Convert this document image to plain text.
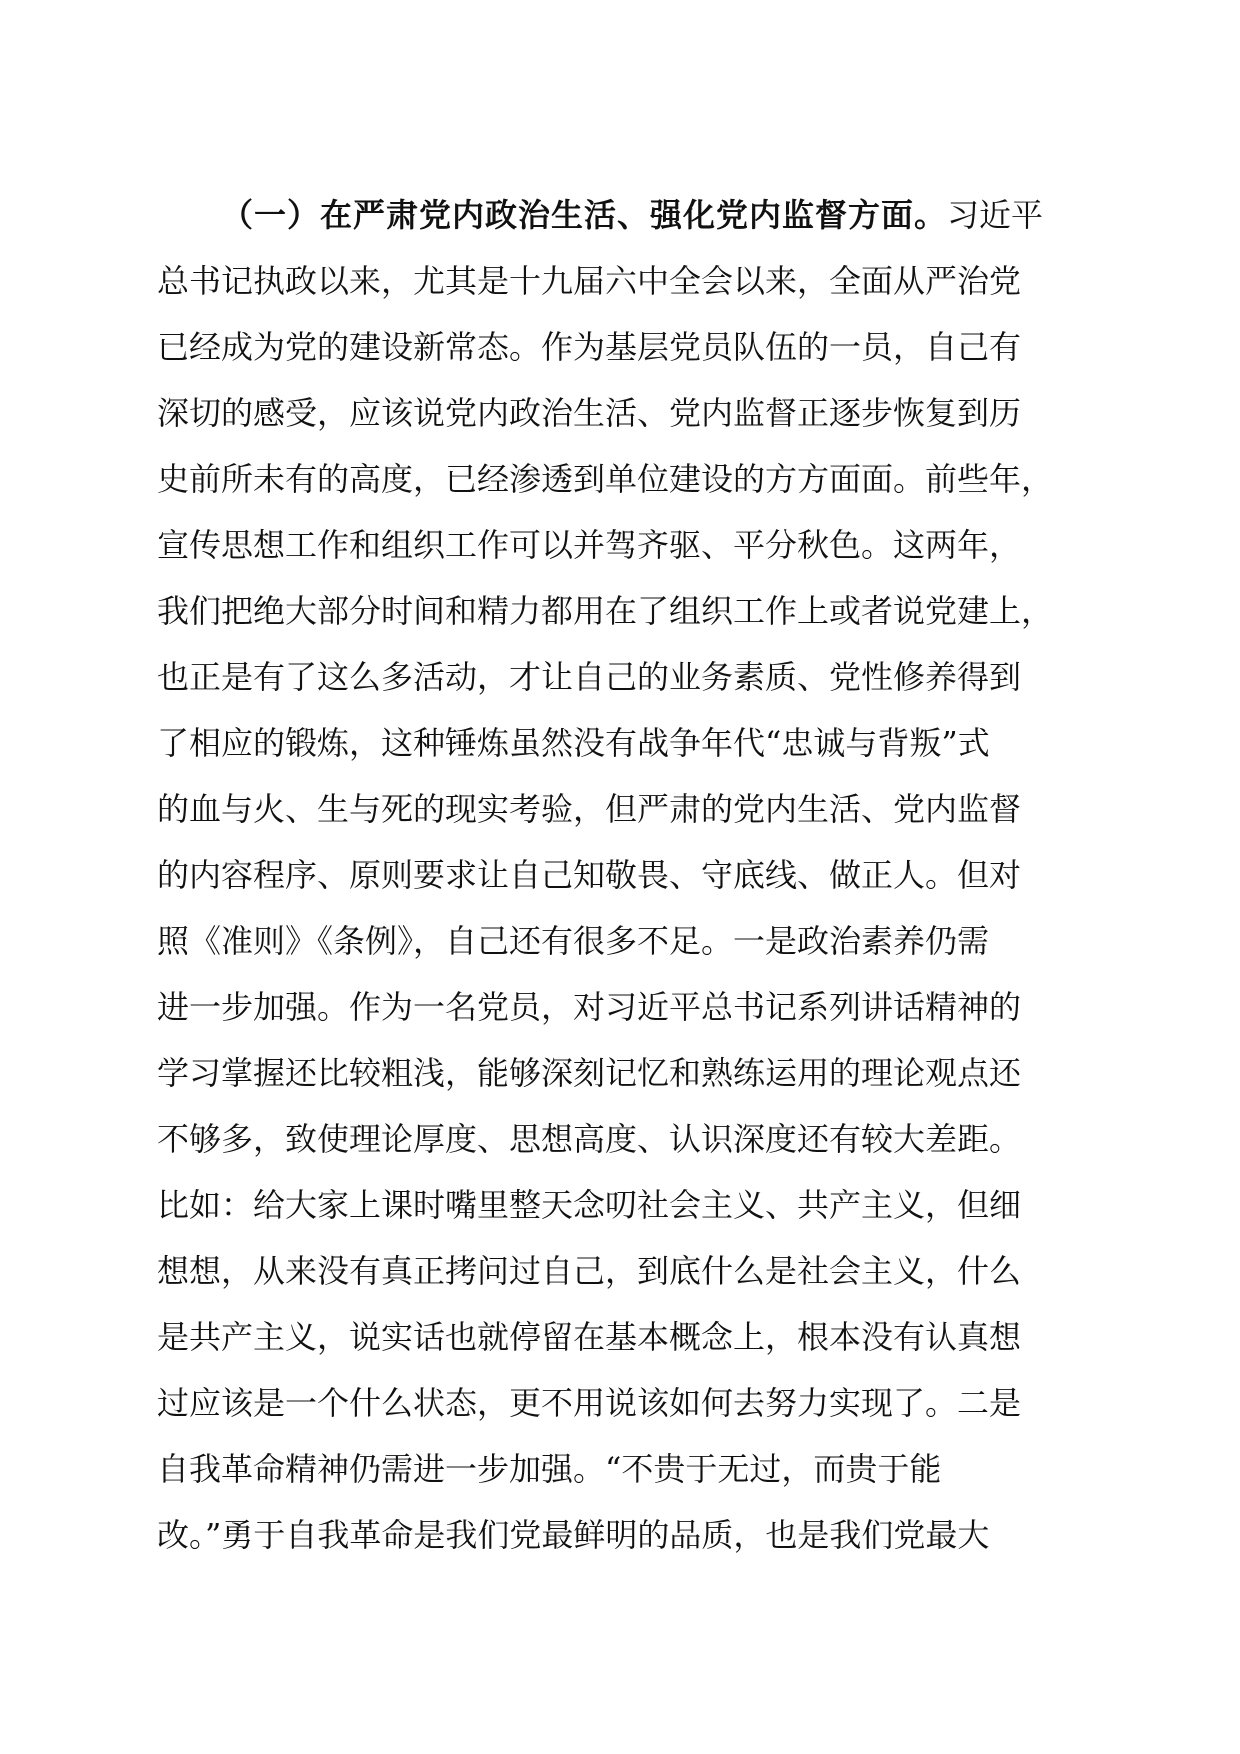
（一）在严肃党内政治生活、强化党内监督方面。习近平
总书记执政以来，尤其是十九届六中全会以来，全面从严治党
已经成为党的建设新常态。作为基层党员队伍的一员，自己有
深切的感受，应该说党内政治生活、党内监督正逐步恢复到历
史前所未有的高度，已经渗透到单位建设的方方面面。前些年，
宣传思想工作和组织工作可以并驾齐驱、平分秋色。这两年，
我们把绝大部分时间和精力都用在了组织工作上或者说党建上，
也正是有了这么多活动，才让自己的业务素质、党性修养得到
了相应的锻炼，这种锤炼虽然没有战争年代“忠诚与背叛”式
的血与火、生与死的现实考验，但严肃的党内生活、党内监督
的内容程序、原则要求让自己知敬畏、守底线、做正人。但对
照《准则》《条例》，自己还有很多不足。一是政治素养仍需
进一步加强。作为一名党员，对习近平总书记系列讲话精神的
学习掌握还比较粗浅，能够深刻记忆和熟练运用的理论观点还
不够多，致使理论厚度、思想高度、认识深度还有较大差距。
比如：给大家上课时嘴里整天念叨社会主义、共产主义，但细
想想，从来没有真正拷问过自己，到底什么是社会主义，什么
是共产主义，说实话也就停留在基本概念上，根本没有认真想
过应该是一个什么状态，更不用说该如何去努力实现了。二是
自我革命精神仍需进一步加强。“不贵于无过，而贵于能
改。”勇于自我革命是我们党最鲜明的品质，也是我们党最大
